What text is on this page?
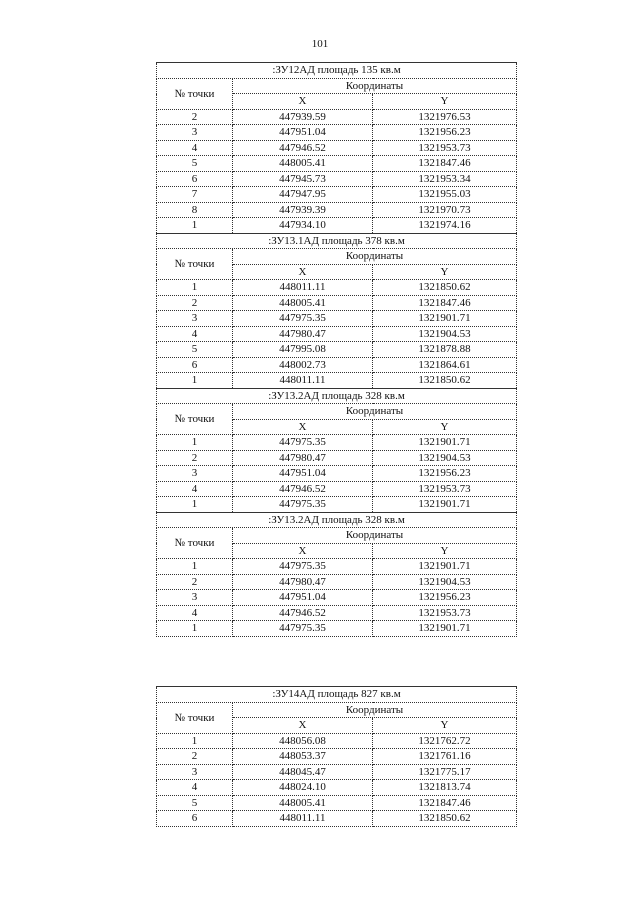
101
:ЗУ12АД площадь 135 кв.м		
№ точки	Координаты	
	X	Y
2	447939.59	1321976.53
3	447951.04	1321956.23
4	447946.52	1321953.73
5	448005.41	1321847.46
6	447945.73	1321953.34
7	447947.95	1321955.03
8	447939.39	1321970.73
1	447934.10	1321974.16
:ЗУ13.1АД площадь 378 кв.м		
№ точки	Координаты	
	X	Y
1	448011.11	1321850.62
2	448005.41	1321847.46
3	447975.35	1321901.71
4	447980.47	1321904.53
5	447995.08	1321878.88
6	448002.73	1321864.61
1	448011.11	1321850.62
:ЗУ13.2АД площадь 328 кв.м		
№ точки	Координаты	
	X	Y
1	447975.35	1321901.71
2	447980.47	1321904.53
3	447951.04	1321956.23
4	447946.52	1321953.73
1	447975.35	1321901.71
:ЗУ13.2АД площадь 328 кв.м		
№ точки	Координаты	
	X	Y
1	447975.35	1321901.71
2	447980.47	1321904.53
3	447951.04	1321956.23
4	447946.52	1321953.73
1	447975.35	1321901.71
:ЗУ14АД площадь 827 кв.м		
№ точки	Координаты	
	X	Y
1	448056.08	1321762.72
2	448053.37	1321761.16
3	448045.47	1321775.17
4	448024.10	1321813.74
5	448005.41	1321847.46
6	448011.11	1321850.62
